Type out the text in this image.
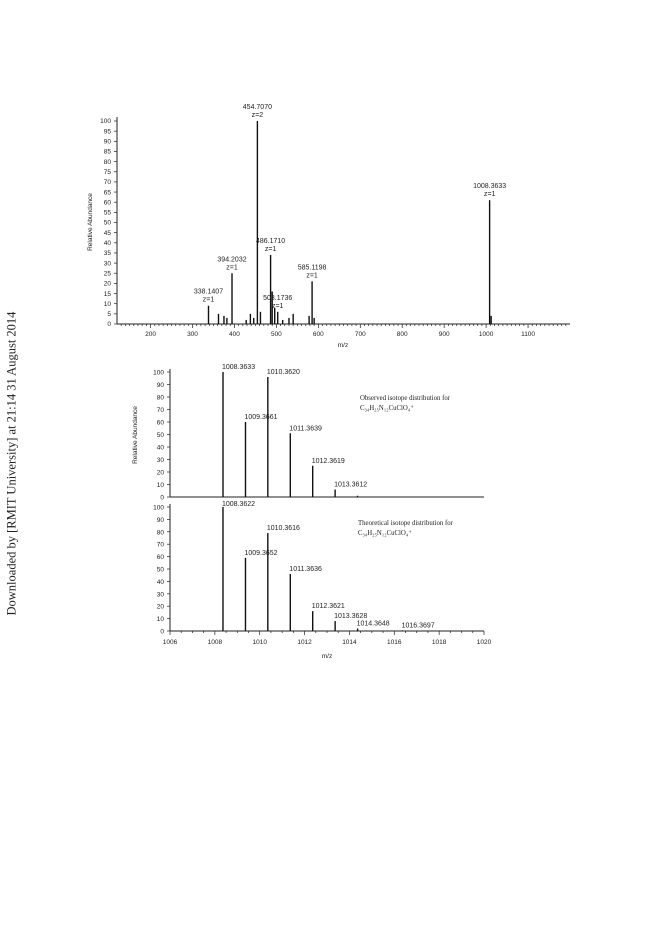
Downloaded by [RMIT University] at 21:14 31 August 2014	0
5
10
15
20
25
30
35
40
45
50
55
60
65
70
75
80
85
90
95
100
200	300	400	500	600	700	800	900	1000	1100
338.1407
z=1
394.2032
z=1
454.7070
z=2
486.1710
z=1
503.1736
z=1
585.1198
z=1
1008.3633
z=1
Relative Abundance
m/z
0
10
20
30
40
50
60
70
80
90
100
1008.3633
1009.3661
1010.3620
1011.3639
1012.3619
1013.3612
Relative Abundance
Observed isotope distribution for
C₃₄H₂₅N₁₂CuClO₄⁺
0
10
20
30
40
50
60
70
80
90
100
1006	1008	1010	1012	1014	1016	1018	1020
1008.3622
1009.3652
1010.3616
1011.3636
1012.3621
1013.3628
1014.3648 1016.3697
m/z
Theoretical isotope distribution for
C₃₄H₂₅N₁₂CuClO₄⁺
